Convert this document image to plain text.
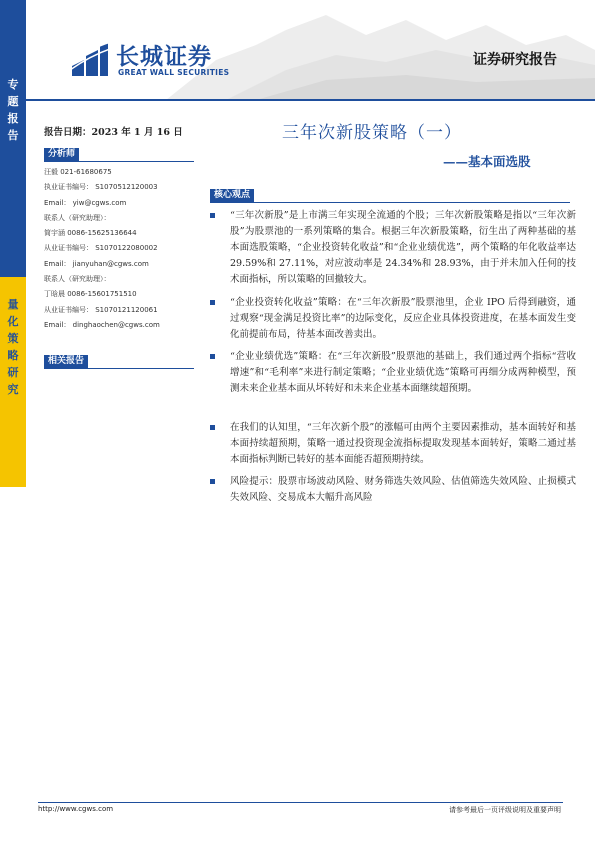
专
题
报
告
量
化
策
略
研
究
长城证券
GREAT WALL SECURITIES
证券研究报告
报告日期：2023 年 1 月 16 日	三年次新股策略（一）
——基本面选股
分析师
汪毅 021-61680675
执业证书编号： S1070512120003
Email： yiw@cgws.com
联系人（研究助理）：
简宇涵 0086-15625136644
从业证书编号： S1070122080002
Email： jianyuhan@cgws.com
联系人（研究助理）：
丁晗晨 0086-15601751510
从业证书编号： S1070121120061
Email： dinghaochen@cgws.com
相关报告
核心观点
“三年次新股”是上市满三年实现全流通的个股；三年次新股策略是指以“三年次新股”为股票池的一系列策略的集合。根据三年次新股策略，衍生出了两种基础的基本面选股策略，“企业投资转化收益”和“企业业绩优选”，两个策略的年化收益率达 29.59%和 27.11%，对应波动率是 24.34%和 28.93%，由于并未加入任何的技术面指标，所以策略的回撤较大。
“企业投资转化收益”策略：在“三年次新股”股票池里，企业 IPO 后得到融资，通过观察“现金满足投资比率”的边际变化，反应企业具体投资进度，在基本面发生变化前提前布局，待基本面改善卖出。
“企业业绩优选”策略：在“三年次新股”股票池的基础上，我们通过两个指标“营收增速”和“毛利率”来进行制定策略；“企业业绩优选”策略可再细分成两种模型，预测未来企业基本面从坏转好和未来企业基本面继续超预期。
在我们的认知里，“三年次新个股”的涨幅可由两个主要因素推动，基本面转好和基本面持续超预期，策略一通过投资现金流指标提取发现基本面转好，策略二通过基本面指标判断已转好的基本面能否超预期持续。
风险提示：股票市场波动风险、财务筛选失效风险、估值筛选失效风险、止损模式失效风险、交易成本大幅升高风险
http://www.cgws.com	请参考最后一页评级说明及重要声明
